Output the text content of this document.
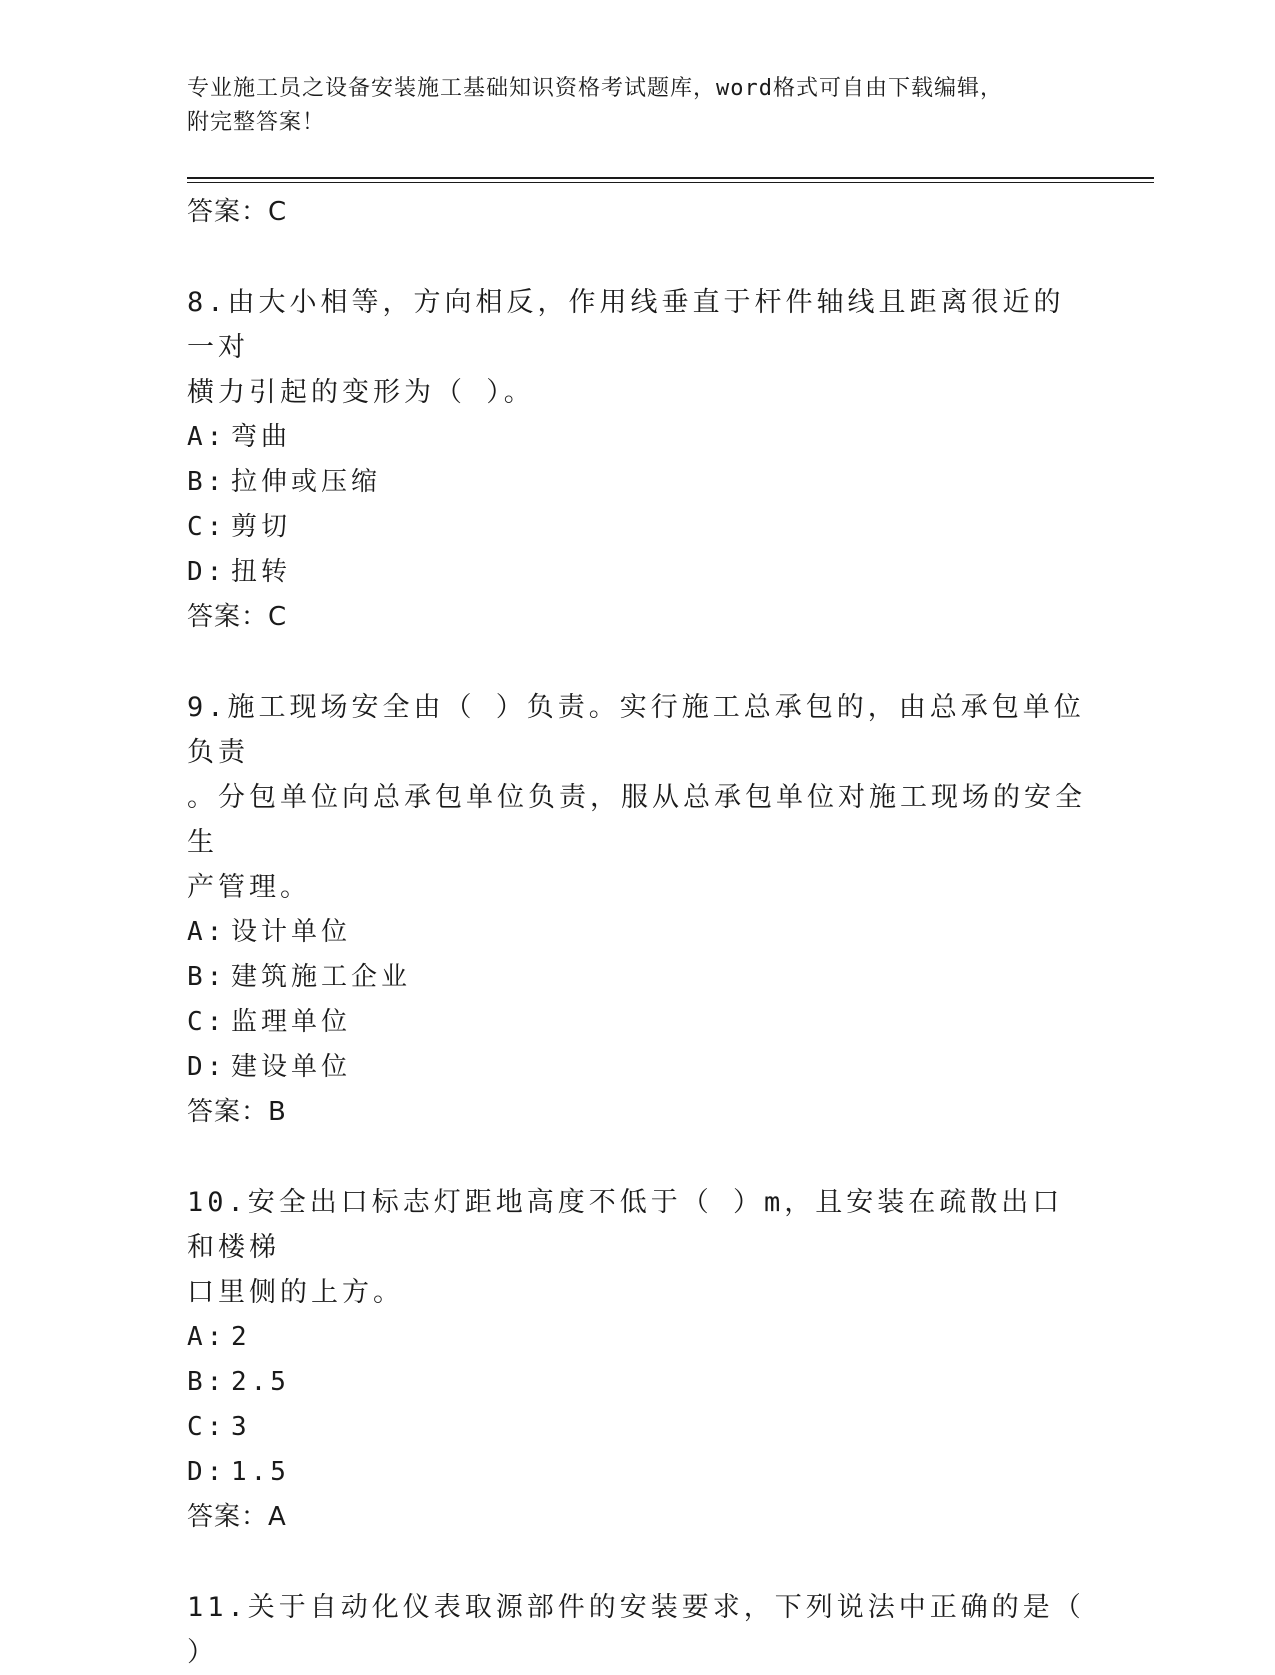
专业施工员之设备安装施工基础知识资格考试题库，word格式可自由下载编辑，
附完整答案！

答案：C

8.由大小相等，方向相反，作用线垂直于杆件轴线且距离很近的一对

横力引起的变形为（ ）。

A: 弯曲

B: 拉伸或压缩

C: 剪切

D: 扭转

答案：C

9.施工现场安全由（ ）负责。实行施工总承包的，由总承包单位负责

。分包单位向总承包单位负责，服从总承包单位对施工现场的安全生

产管理。

A: 设计单位

B: 建筑施工企业

C: 监理单位

D: 建设单位

答案：B

10.安全出口标志灯距地高度不低于（ ）m，且安装在疏散出口和楼梯

口里侧的上方。

A: 2

B: 2.5

C: 3

D: 1.5

答案：A

11.关于自动化仪表取源部件的安装要求，下列说法中正确的是（ ）
